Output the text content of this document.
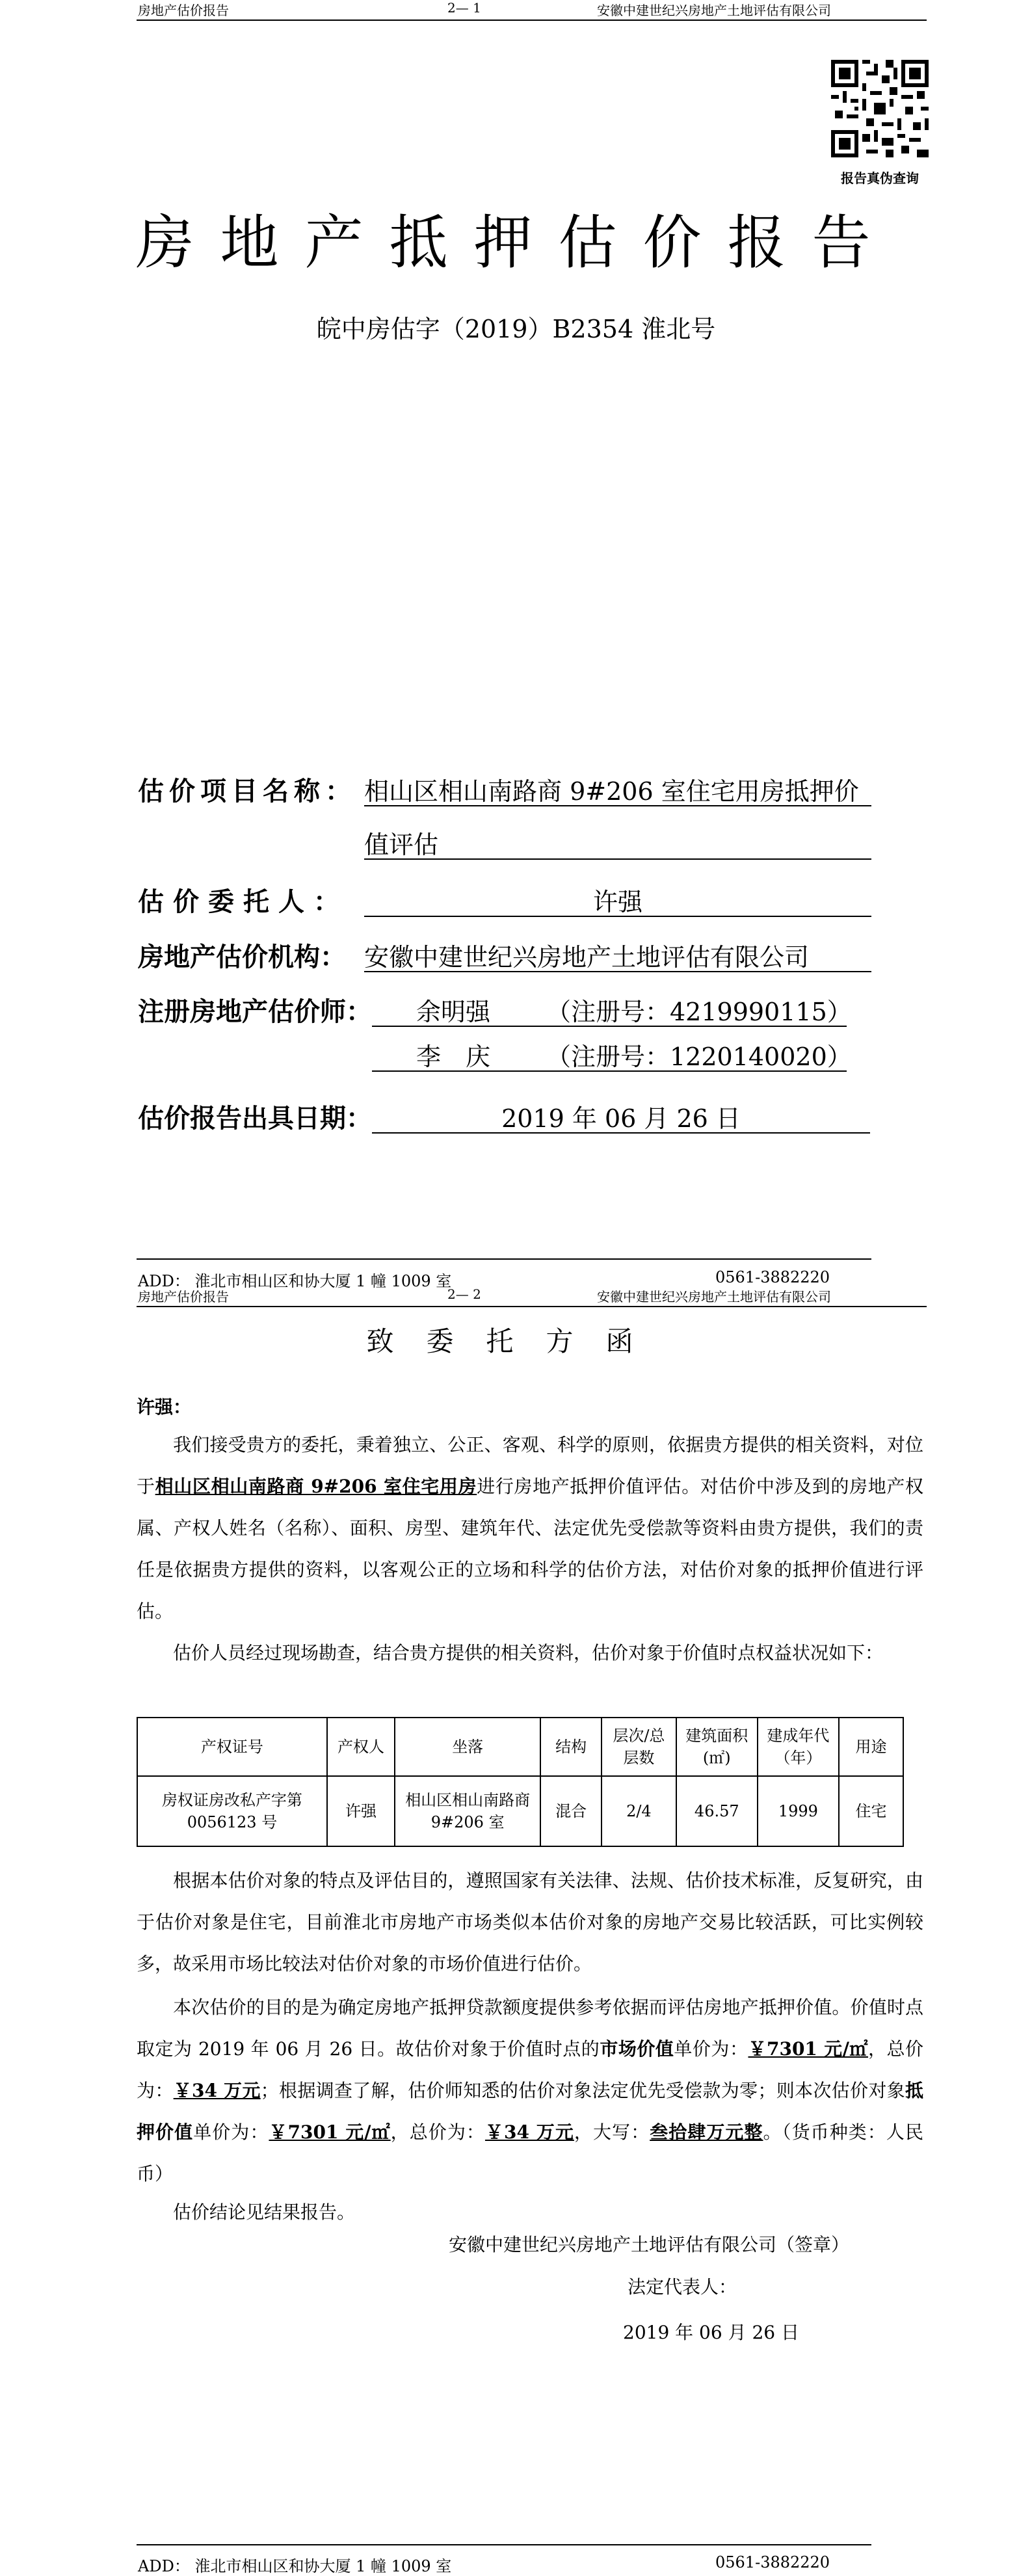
房地产估价报告	2— 1	安徽中建世纪兴房地产土地评估有限公司
报告真伪查询
房地产抵押估价报告
皖中房估字（2019）B2354 淮北号
估价项目名称： 相山区相山南路商 9#206 室住宅用房抵押价
值评估
估价委托人：	许强
房地产估价机构： 安徽中建世纪兴房地产土地评估有限公司
注册房地产估价师： 余明强 （注册号：4219990115）
李　庆 （注册号：1220140020）
估价报告出具日期：	2019 年 06 月 26 日
ADD： 淮北市相山区和协大厦 1 幢 1009 室	0561-3882220
房地产估价报告	2— 2	安徽中建世纪兴房地产土地评估有限公司
致委托方函
许强：
我们接受贵方的委托，秉着独立、公正、客观、科学的原则，依据贵方提供的相关资料，对位于相山区相山南路商 9#206 室住宅用房进行房地产抵押价值评估。对估价中涉及到的房地产权属、产权人姓名（名称）、面积、房型、建筑年代、法定优先受偿款等资料由贵方提供，我们的责任是依据贵方提供的资料，以客观公正的立场和科学的估价方法，对估价对象的抵押价值进行评估。
估价人员经过现场勘查，结合贵方提供的相关资料，估价对象于价值时点权益状况如下：
产权证号	产权人	坐落	结构	层次/总层数	建筑面积(㎡)	建成年代（年）	用途
房权证房改私产字第 0056123 号	许强	相山区相山南路商 9#206 室	混合	2/4	46.57	1999	住宅
根据本估价对象的特点及评估目的，遵照国家有关法律、法规、估价技术标准，反复研究，由于估价对象是住宅，目前淮北市房地产市场类似本估价对象的房地产交易比较活跃，可比实例较多，故采用市场比较法对估价对象的市场价值进行估价。
本次估价的目的是为确定房地产抵押贷款额度提供参考依据而评估房地产抵押价值。价值时点取定为 2019 年 06 月 26 日。故估价对象于价值时点的市场价值单价为：￥7301 元/㎡，总价为：￥34 万元；根据调查了解，估价师知悉的估价对象法定优先受偿款为零；则本次估价对象抵押价值单价为：￥7301 元/㎡，总价为：￥34 万元，大写：叁拾肆万元整。（货币种类：人民币）
估价结论见结果报告。
安徽中建世纪兴房地产土地评估有限公司（签章）
法定代表人：
2019 年 06 月 26 日
ADD： 淮北市相山区和协大厦 1 幢 1009 室	0561-3882220
